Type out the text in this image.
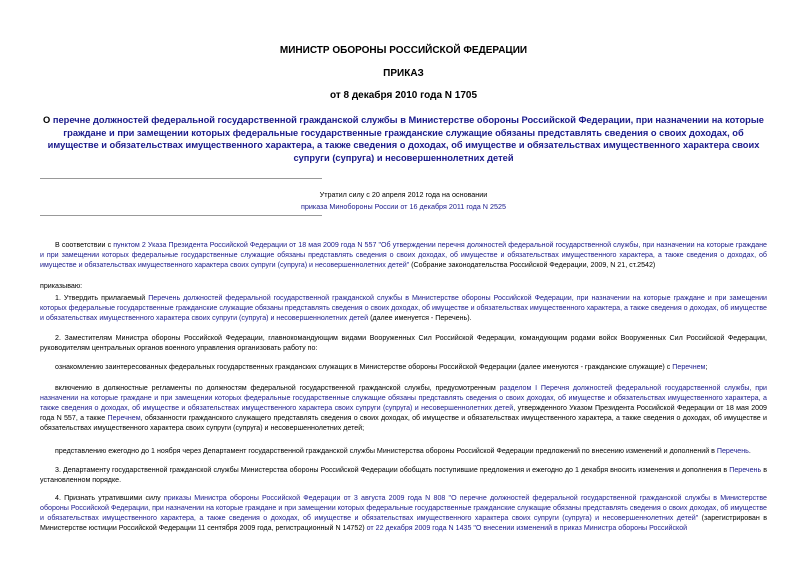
МИНИСТР ОБОРОНЫ РОССИЙСКОЙ ФЕДЕРАЦИИ
ПРИКАЗ
от 8 декабря 2010 года N 1705
О перечне должностей федеральной государственной гражданской службы в Министерстве обороны Российской Федерации, при назначении на которые граждане и при замещении которых федеральные государственные гражданские служащие обязаны представлять сведения о своих доходах, об имуществе и обязательствах имущественного характера, а также сведения о доходах, об имуществе и обязательствах имущественного характера своих супруги (супруга) и несовершеннолетних детей
Утратил силу с 20 апреля 2012 года на основании
приказа Минобороны России от 16 декабря 2011 года N 2525
В соответствии с пунктом 2 Указа Президента Российской Федерации от 18 мая 2009 года N 557 "Об утверждении перечня должностей федеральной государственной службы, при назначении на которые граждане и при замещении которых федеральные государственные служащие обязаны представлять сведения о своих доходах, об имуществе и обязательствах имущественного характера, а также сведения о доходах, об имуществе и обязательствах имущественного характера своих супруги (супруга) и несовершеннолетних детей" (Собрание законодательства Российской Федерации, 2009, N 21, ст.2542)
приказываю:
1. Утвердить прилагаемый Перечень должностей федеральной государственной гражданской службы в Министерстве обороны Российской Федерации, при назначении на которые граждане и при замещении которых федеральные государственные гражданские служащие обязаны представлять сведения о своих доходах, об имуществе и обязательствах имущественного характера, а также сведения о доходах, об имуществе и обязательствах имущественного характера своих супруги (супруга) и несовершеннолетних детей (далее именуется - Перечень).
2. Заместителям Министра обороны Российской Федерации, главнокомандующим видами Вооруженных Сил Российской Федерации, командующим родами войск Вооруженных Сил Российской Федерации, руководителям центральных органов военного управления организовать работу по:
ознакомлению заинтересованных федеральных государственных гражданских служащих в Министерстве обороны Российской Федерации (далее именуются - гражданские служащие) с Перечнем;
включению в должностные регламенты по должностям федеральной государственной гражданской службы, предусмотренным разделом I Перечня должностей федеральной государственной службы, при назначении на которые граждане и при замещении которых федеральные государственные служащие обязаны представлять сведения о своих доходах, об имуществе и обязательствах имущественного характера, а также сведения о доходах, об имуществе и обязательствах имущественного характера своих супруги (супруга) и несовершеннолетних детей, утвержденного Указом Президента Российской Федерации от 18 мая 2009 года N 557, а также Перечнем, обязанности гражданского служащего представлять сведения о своих доходах, об имуществе и обязательствах имущественного характера, а также сведения о доходах, об имуществе и обязательствах имущественного характера своих супруги (супруга) и несовершеннолетних детей;
представлению ежегодно до 1 ноября через Департамент государственной гражданской службы Министерства обороны Российской Федерации предложений по внесению изменений и дополнений в Перечень.
3. Департаменту государственной гражданской службы Министерства обороны Российской Федерации обобщать поступившие предложения и ежегодно до 1 декабря вносить изменения и дополнения в Перечень в установленном порядке.
4. Признать утратившими силу приказы Министра обороны Российской Федерации от 3 августа 2009 года N 808 "О перечне должностей федеральной государственной гражданской службы в Министерстве обороны Российской Федерации, при назначении на которые граждане и при замещении которых федеральные государственные гражданские служащие обязаны представлять сведения о своих доходах, об имуществе и обязательствах имущественного характера, а также сведения о доходах, об имуществе и обязательствах имущественного характера своих супруги (супруга) и несовершеннолетних детей" (зарегистрирован в Министерстве юстиции Российской Федерации 11 сентября 2009 года, регистрационный N 14752) от 22 декабря 2009 года N 1435 "О внесении изменений в приказ Министра обороны Российской
